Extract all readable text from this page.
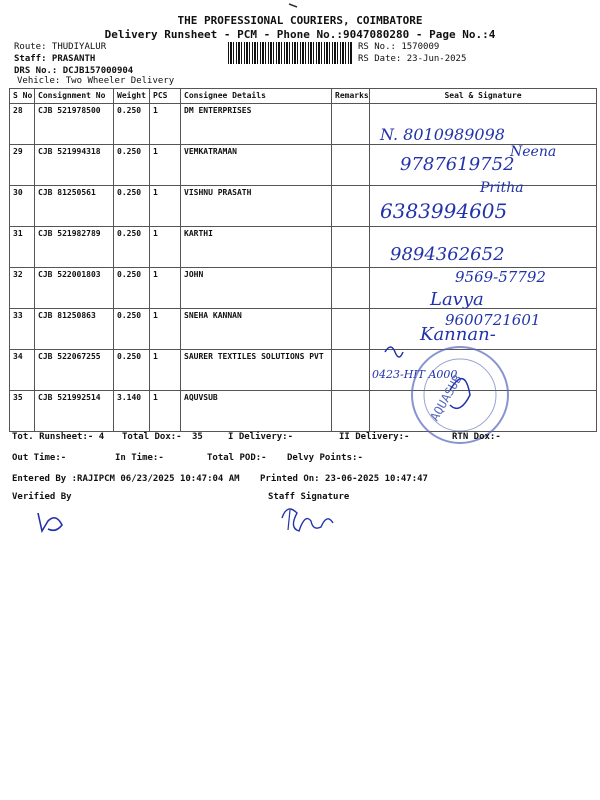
THE PROFESSIONAL COURIERS, COIMBATORE
Delivery Runsheet - PCM - Phone No.:9047080280 - Page No.:4
Route: THUDIYALUR
Staff: PRASANTH
DRS No.: DCJB157000904
Vehicle: Two Wheeler Delivery
RS No.: 1570009
RS Date: 23-Jun-2025
S No	Consignment No	Weight	PCS	Consignee Details	Remarks	Seal & Signature
28	CJB 521978500	0.250	1	DM ENTERPRISES		
29	CJB 521994318	0.250	1	VEMKATRAMAN		
30	CJB 81250561	0.250	1	VISHNU PRASATH		
31	CJB 521982789	0.250	1	KARTHI		
32	CJB 522001803	0.250	1	JOHN		
33	CJB 81250863	0.250	1	SNEHA KANNAN		
34	CJB 522067255	0.250	1	SAURER TEXTILES SOLUTIONS PVT		
35	CJB 521992514	3.140	1	AQUVSUB		
N. 8010989098
Neena
9787619752
Pritha
6383994605
9894362652
9569-57792
Lavya
9600721601
Kannan-
0423-HIT A000
AQUASUB
Tot. Runsheet:- 4 Total Dox:- 35	I Delivery:-	II Delivery:-	RTN Dox:-
Out Time:-	In Time:-	Total POD:- Delvy Points:-
Entered By :RAJIPCM 06/23/2025 10:47:04 AM Printed On: 23-06-2025 10:47:47
Verified By	Staff Signature
